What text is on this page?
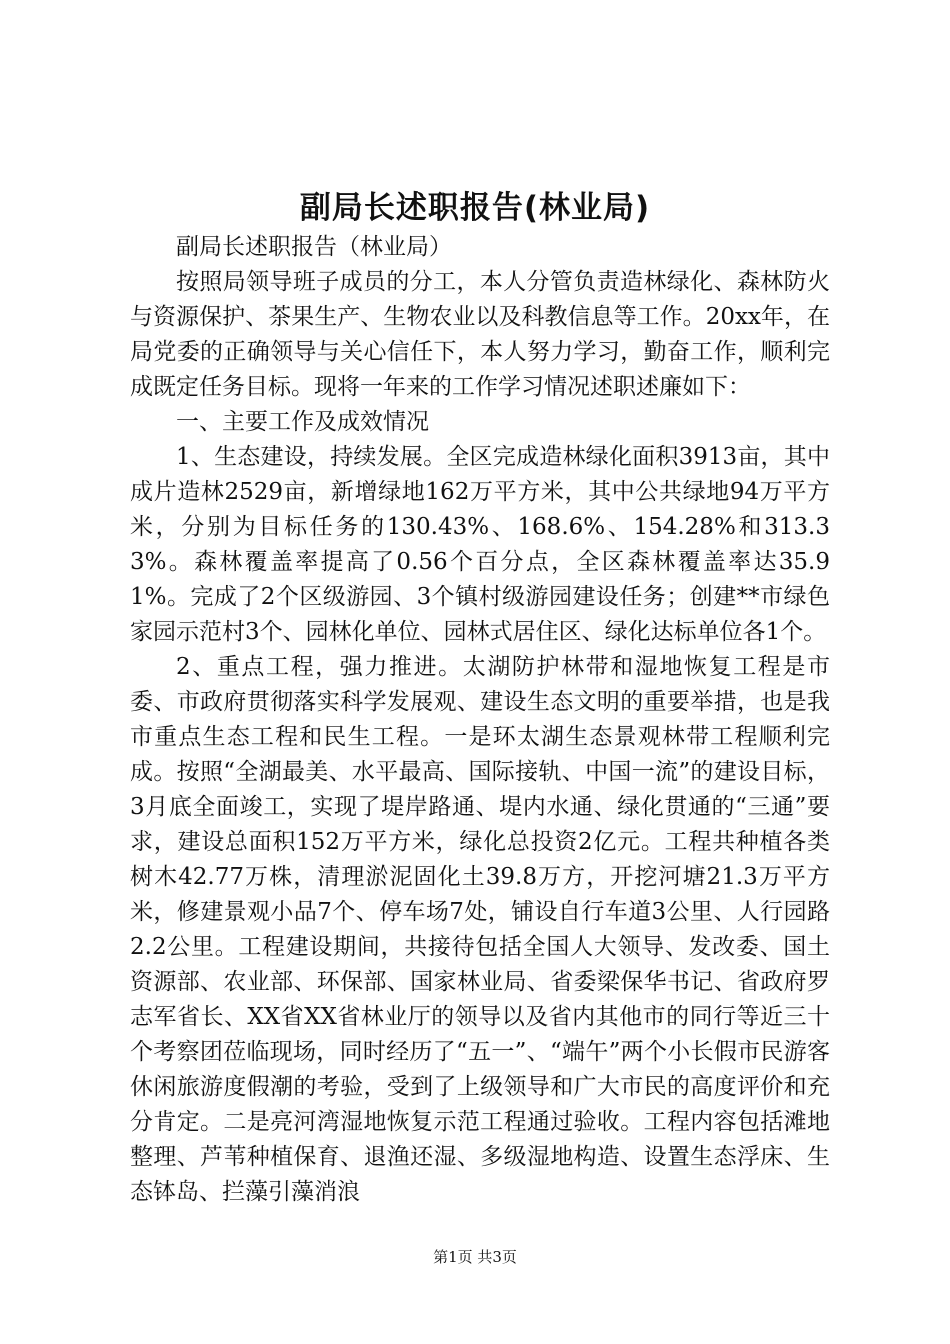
副局长述职报告(林业局)

副局长述职报告（林业局）

按照局领导班子成员的分工，本人分管负责造林绿化、森林防火与资源保护、茶果生产、生物农业以及科教信息等工作。20xx年，在局党委的正确领导与关心信任下，本人努力学习，勤奋工作，顺利完成既定任务目标。现将一年来的工作学习情况述职述廉如下：

一、主要工作及成效情况

1、生态建设，持续发展。全区完成造林绿化面积3913亩，其中成片造林2529亩，新增绿地162万平方米，其中公共绿地94万平方米，分别为目标任务的130.43%、168.6%、154.28%和313.33%。森林覆盖率提高了0.56个百分点，全区森林覆盖率达35.91%。完成了2个区级游园、3个镇村级游园建设任务；创建**市绿色家园示范村3个、园林化单位、园林式居住区、绿化达标单位各1个。

2、重点工程，强力推进。太湖防护林带和湿地恢复工程是市委、市政府贯彻落实科学发展观、建设生态文明的重要举措，也是我市重点生态工程和民生工程。一是环太湖生态景观林带工程顺利完成。按照“全湖最美、水平最高、国际接轨、中国一流”的建设目标，3月底全面竣工，实现了堤岸路通、堤内水通、绿化贯通的“三通”要求，建设总面积152万平方米，绿化总投资2亿元。工程共种植各类树木42.77万株，清理淤泥固化土39.8万方，开挖河塘21.3万平方米，修建景观小品7个、停车场7处，铺设自行车道3公里、人行园路2.2公里。工程建设期间，共接待包括全国人大领导、发改委、国土资源部、农业部、环保部、国家林业局、省委梁保华书记、省政府罗志军省长、XX省XX省林业厅的领导以及省内其他市的同行等近三十个考察团莅临现场，同时经历了“五一”、“端午”两个小长假市民游客休闲旅游度假潮的考验，受到了上级领导和广大市民的高度评价和充分肯定。二是亮河湾湿地恢复示范工程通过验收。工程内容包括滩地整理、芦苇种植保育、退渔还湿、多级湿地构造、设置生态浮床、生态钵岛、拦藻引藻消浪

第1页 共3页
